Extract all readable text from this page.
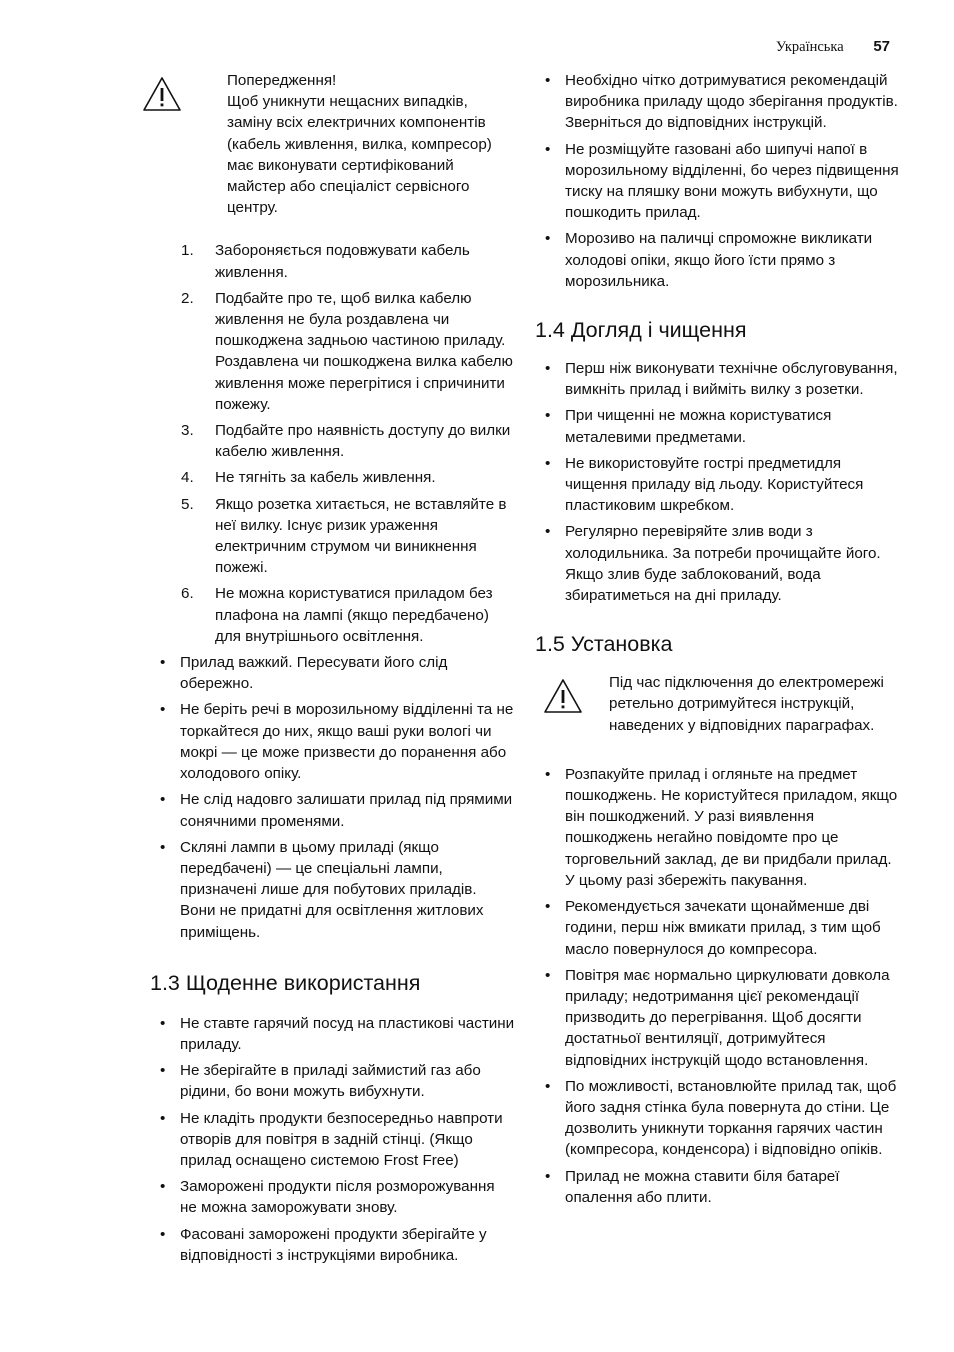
Українська 57
Попередження!
Щоб уникнути нещасних випадків, заміну всіх електричних компонентів (кабель живлення, вилка, компресор) має виконувати сертифікований майстер або спеціаліст сервісного центру.
1. Забороняється подовжувати кабель живлення.
2. Подбайте про те, щоб вилка кабелю живлення не була роздавлена чи пошкоджена задньою частиною приладу. Роздавлена чи пошкоджена вилка кабелю живлення може перегрітися і спричинити пожежу.
3. Подбайте про наявність доступу до вилки кабелю живлення.
4. Не тягніть за кабель живлення.
5. Якщо розетка хитається, не вставляйте в неї вилку. Існує ризик ураження електричним струмом чи виникнення пожежі.
6. Не можна користуватися приладом без плафона на лампі (якщо передбачено) для внутрішнього освітлення.
• Прилад важкий. Пересувати його слід обережно.
• Не беріть речі в морозильному відділенні та не торкайтеся до них, якщо ваші руки вологі чи мокрі — це може призвести до поранення або холодового опіку.
• Не слід надовго залишати прилад під прямими сонячними променями.
• Скляні лампи в цьому приладі (якщо передбачені) — це спеціальні лампи, призначені лише для побутових приладів. Вони не придатні для освітлення житлових приміщень.
1.3 Щоденне використання
• Не ставте гарячий посуд на пластикові частини приладу.
• Не зберігайте в приладі займистий газ або рідини, бо вони можуть вибухнути.
• Не кладіть продукти безпосередньо навпроти отворів для повітря в задній стінці. (Якщо прилад оснащено системою Frost Free)
• Заморожені продукти після розморожування не можна заморожувати знову.
• Фасовані заморожені продукти зберігайте у відповідності з інструкціями виробника.
• Необхідно чітко дотримуватися рекомендацій виробника приладу щодо зберігання продуктів. Зверніться до відповідних інструкцій.
• Не розміщуйте газовані або шипучі напої в морозильному відділенні, бо через підвищення тиску на пляшку вони можуть вибухнути, що пошкодить прилад.
• Морозиво на паличці спроможне викликати холодові опіки, якщо його їсти прямо з морозильника.
1.4 Догляд і чищення
• Перш ніж виконувати технічне обслуговування, вимкніть прилад і вийміть вилку з розетки.
• При чищенні не можна користуватися металевими предметами.
• Не використовуйте гострі предметидля чищення приладу від льоду. Користуйтеся пластиковим шкребком.
• Регулярно перевіряйте злив води з холодильника. За потреби прочищайте його. Якщо злив буде заблокований, вода збиратиметься на дні приладу.
1.5 Установка
Під час підключення до електромережі ретельно дотримуйтеся інструкцій, наведених у відповідних параграфах.
• Розпакуйте прилад і огляньте на предмет пошкоджень. Не користуйтеся приладом, якщо він пошкоджений. У разі виявлення пошкоджень негайно повідомте про це торговельний заклад, де ви придбали прилад. У цьому разі збережіть пакування.
• Рекомендується зачекати щонайменше дві години, перш ніж вмикати прилад, з тим щоб масло повернулося до компресора.
• Повітря має нормально циркулювати довкола приладу; недотримання цієї рекомендації призводить до перегрівання. Щоб досягти достатньої вентиляції, дотримуйтеся відповідних інструкцій щодо встановлення.
• По можливості, встановлюйте прилад так, щоб його задня стінка була повернута до стіни. Це дозволить уникнути торкання гарячих частин (компресора, конденсора) і відповідно опіків.
• Прилад не можна ставити біля батареї опалення або плити.
